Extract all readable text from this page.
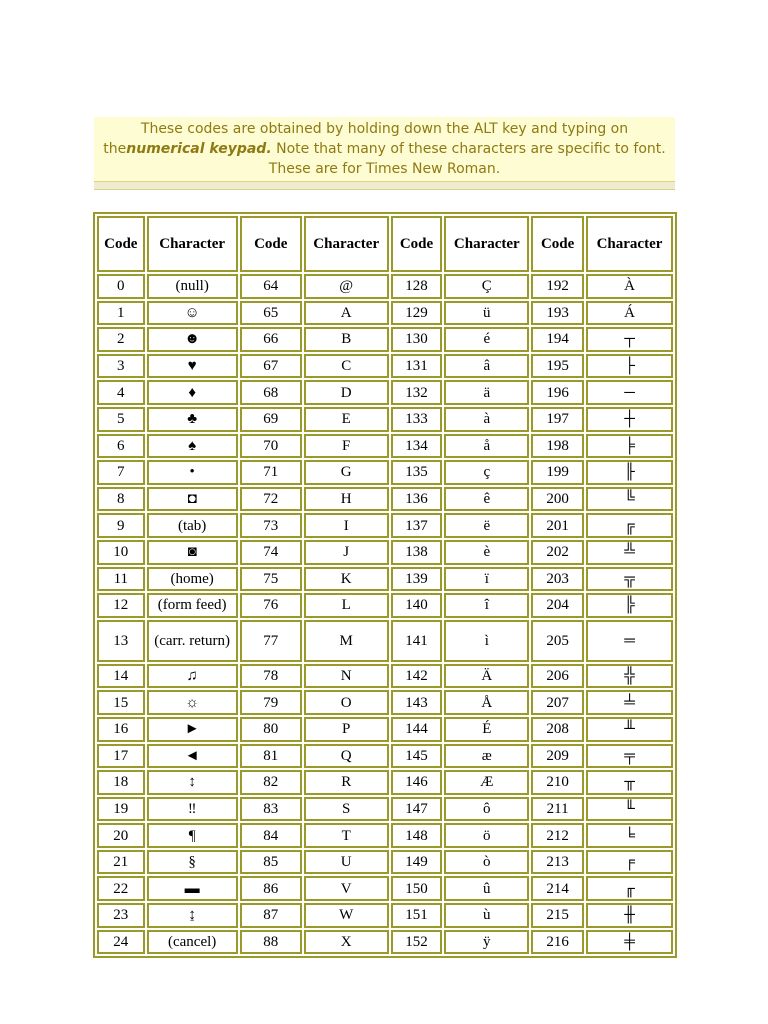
These codes are obtained by holding down the ALT key and typing on
thenumerical keypad. Note that many of these characters are specific to font.
These are for Times New Roman.
Code	Character	Code	Character	Code	Character	Code	Character
0	(null)	64	@	128	Ç	192	À
1	☺	65	A	129	ü	193	Á
2	☻	66	B	130	é	194	┬
3	♥	67	C	131	â	195	├
4	♦	68	D	132	ä	196	─
5	♣	69	E	133	à	197	┼
6	♠	70	F	134	å	198	╞
7	•	71	G	135	ç	199	╟
8	◘	72	H	136	ê	200	╚
9	(tab)	73	I	137	ë	201	╔
10	◙	74	J	138	è	202	╩
11	(home)	75	K	139	ï	203	╦
12	(form feed)	76	L	140	î	204	╠
13	(carr. return)	77	M	141	ì	205	═
14	♫	78	N	142	Ä	206	╬
15	☼	79	O	143	Å	207	╧
16	►	80	P	144	É	208	╨
17	◄	81	Q	145	æ	209	╤
18	↕	82	R	146	Æ	210	╥
19	‼	83	S	147	ô	211	╙
20	¶	84	T	148	ö	212	╘
21	§	85	U	149	ò	213	╒
22	▬	86	V	150	û	214	╓
23	↨	87	W	151	ù	215	╫
24	(cancel)	88	X	152	ÿ	216	╪
